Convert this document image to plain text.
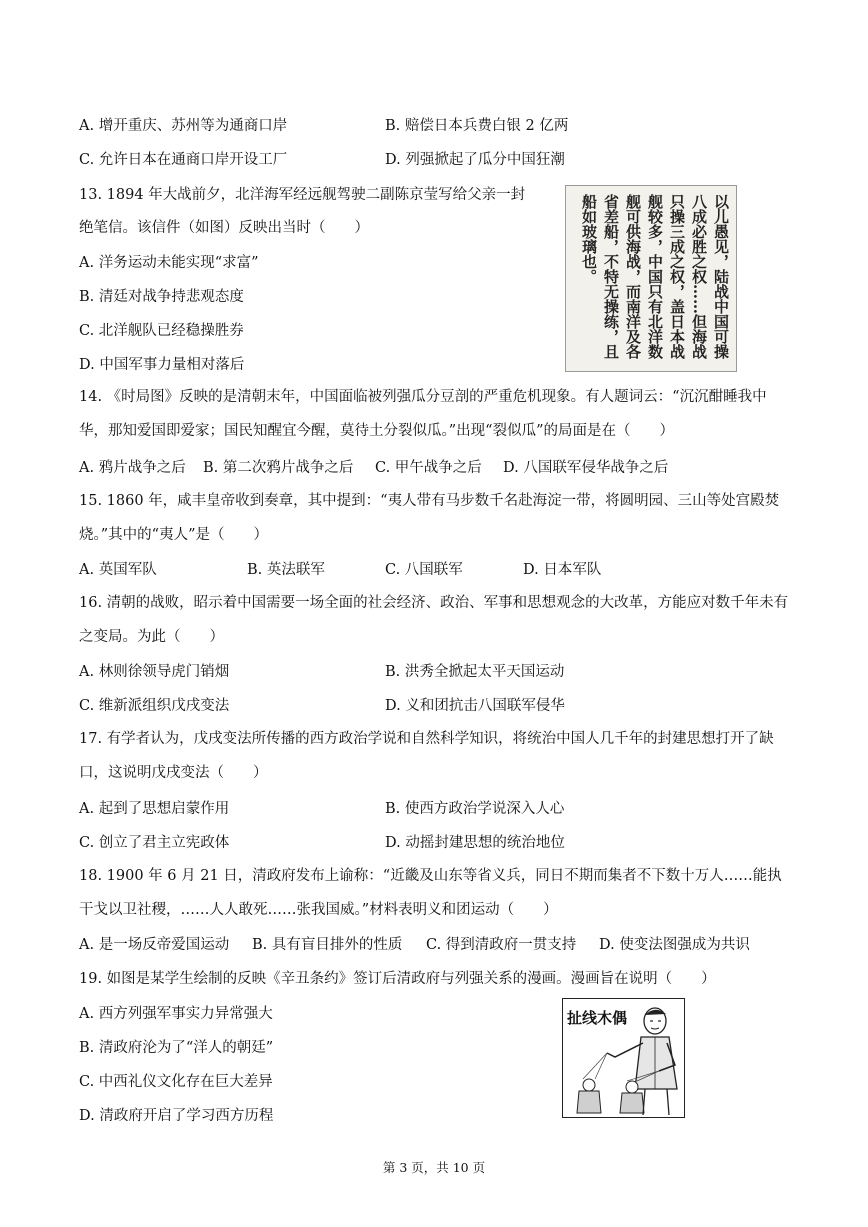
A. 增开重庆、苏州等为通商口岸	B. 赔偿日本兵费白银 2 亿两
C. 允许日本在通商口岸开设工厂	D. 列强掀起了瓜分中国狂潮
13. 1894 年大战前夕，北洋海军经远舰驾驶二副陈京莹写给父亲一封
绝笔信。该信件（如图）反映出当时（　　）
A. 洋务运动未能实现“求富”
B. 清廷对战争持悲观态度
C. 北洋舰队已经稳操胜券
D. 中国军事力量相对落后
以儿愚见，陆战中国可操
八成必胜之权……但海战
只操三成之权，盖日本战
舰较多，中国只有北洋数
舰可供海战，而南洋及各
省差船，不特无操练，且
船如玻璃也。
14. 《时局图》反映的是清朝末年，中国面临被列强瓜分豆剖的严重危机现象。有人题词云：“沉沉酣睡我中华，那知爱国即爱家；国民知醒宜今醒，莫待土分裂似瓜。”出现“裂似瓜”的局面是在（　　）
A. 鸦片战争之后 B. 第二次鸦片战争之后 C. 甲午战争之后 D. 八国联军侵华战争之后
15. 1860 年，咸丰皇帝收到奏章，其中提到：“夷人带有马步数千名赴海淀一带，将圆明园、三山等处宫殿焚烧。”其中的“夷人”是（　　）
A. 英国军队	B. 英法联军	C. 八国联军	D. 日本军队
16. 清朝的战败，昭示着中国需要一场全面的社会经济、政治、军事和思想观念的大改革，方能应对数千年未有之变局。为此（　　）
A. 林则徐领导虎门销烟	B. 洪秀全掀起太平天国运动
C. 维新派组织戊戌变法	D. 义和团抗击八国联军侵华
17. 有学者认为，戊戌变法所传播的西方政治学说和自然科学知识，将统治中国人几千年的封建思想打开了缺口，这说明戊戌变法（　　）
A. 起到了思想启蒙作用	B. 使西方政治学说深入人心
C. 创立了君主立宪政体	D. 动摇封建思想的统治地位
18. 1900 年 6 月 21 日，清政府发布上谕称：“近畿及山东等省义兵，同日不期而集者不下数十万人……能执干戈以卫社稷，……人人敢死……张我国威。”材料表明义和团运动（　　）
A. 是一场反帝爱国运动 B. 具有盲目排外的性质 C. 得到清政府一贯支持 D. 使变法图强成为共识
19. 如图是某学生绘制的反映《辛丑条约》签订后清政府与列强关系的漫画。漫画旨在说明（　　）
A. 西方列强军事实力异常强大
B. 清政府沦为了“洋人的朝廷”
C. 中西礼仪文化存在巨大差异
D. 清政府开启了学习西方历程
扯线木偶
第 3 页，共 10 页
